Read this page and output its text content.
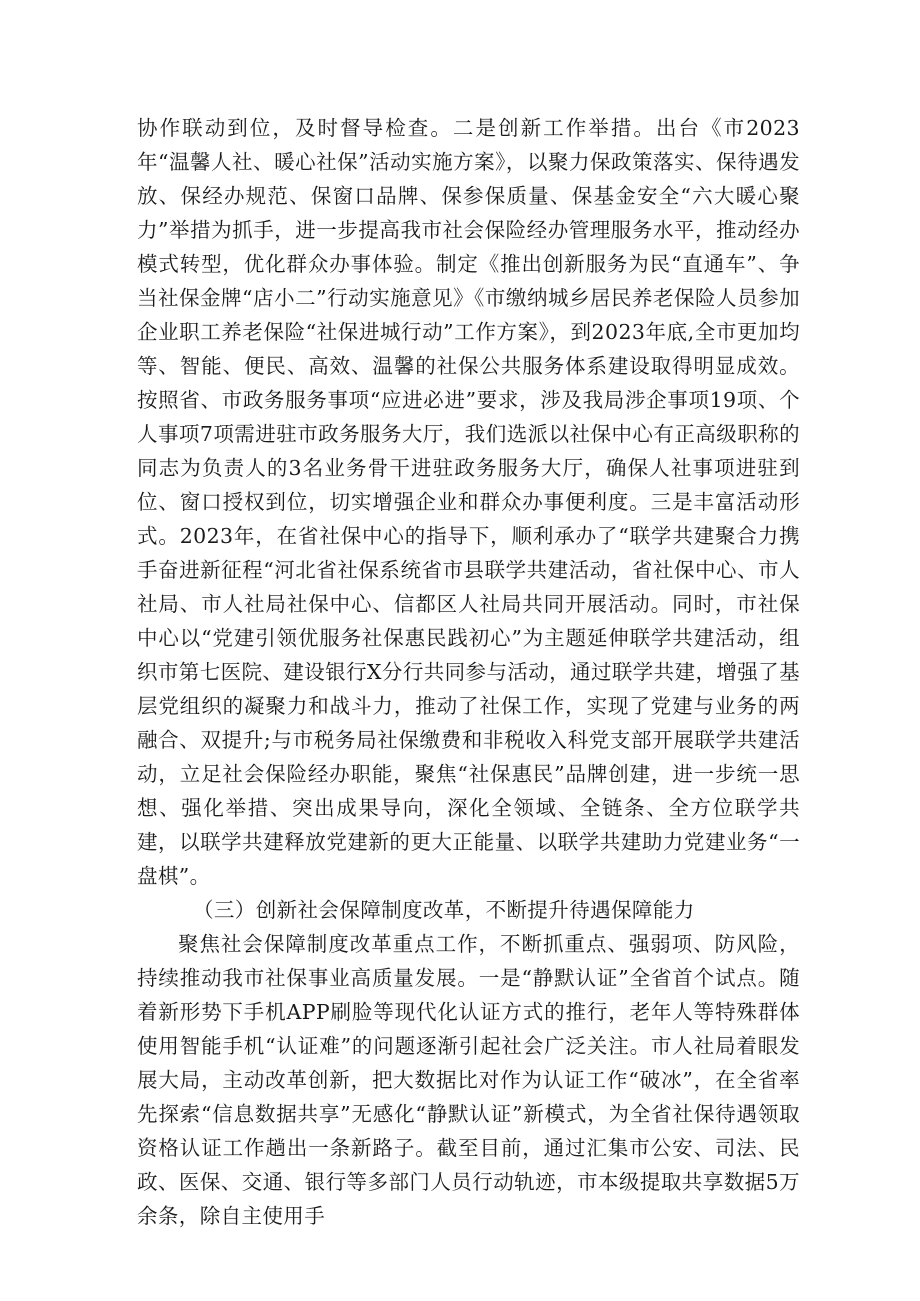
协作联动到位，及时督导检查。二是创新工作举措。出台《市2023年“温馨人社、暖心社保”活动实施方案》，以聚力保政策落实、保待遇发放、保经办规范、保窗口品牌、保参保质量、保基金安全“六大暖心聚力”举措为抓手，进一步提高我市社会保险经办管理服务水平，推动经办模式转型，优化群众办事体验。制定《推出创新服务为民“直通车”、争当社保金牌“店小二”行动实施意见》《市缴纳城乡居民养老保险人员参加企业职工养老保险“社保进城行动”工作方案》，到2023年底,全市更加均等、智能、便民、高效、温馨的社保公共服务体系建设取得明显成效。按照省、市政务服务事项“应进必进”要求，涉及我局涉企事项19项、个人事项7项需进驻市政务服务大厅，我们选派以社保中心有正高级职称的同志为负责人的3名业务骨干进驻政务服务大厅，确保人社事项进驻到位、窗口授权到位，切实增强企业和群众办事便利度。三是丰富活动形式。2023年，在省社保中心的指导下，顺利承办了“联学共建聚合力携手奋进新征程“河北省社保系统省市县联学共建活动，省社保中心、市人社局、市人社局社保中心、信都区人社局共同开展活动。同时，市社保中心以“党建引领优服务社保惠民践初心”为主题延伸联学共建活动，组织市第七医院、建设银行X分行共同参与活动，通过联学共建，增强了基层党组织的凝聚力和战斗力，推动了社保工作，实现了党建与业务的两融合、双提升;与市税务局社保缴费和非税收入科党支部开展联学共建活动，立足社会保险经办职能，聚焦“社保惠民”品牌创建，进一步统一思想、强化举措、突出成果导向，深化全领域、全链条、全方位联学共建，以联学共建释放党建新的更大正能量、以联学共建助力党建业务“一盘棋”。

（三）创新社会保障制度改革，不断提升待遇保障能力

聚焦社会保障制度改革重点工作，不断抓重点、强弱项、防风险，持续推动我市社保事业高质量发展。一是“静默认证”全省首个试点。随着新形势下手机APP刷脸等现代化认证方式的推行，老年人等特殊群体使用智能手机“认证难”的问题逐渐引起社会广泛关注。市人社局着眼发展大局，主动改革创新，把大数据比对作为认证工作“破冰”，在全省率先探索“信息数据共享”无感化“静默认证”新模式，为全省社保待遇领取资格认证工作趟出一条新路子。截至目前，通过汇集市公安、司法、民政、医保、交通、银行等多部门人员行动轨迹，市本级提取共享数据5万余条，除自主使用手
